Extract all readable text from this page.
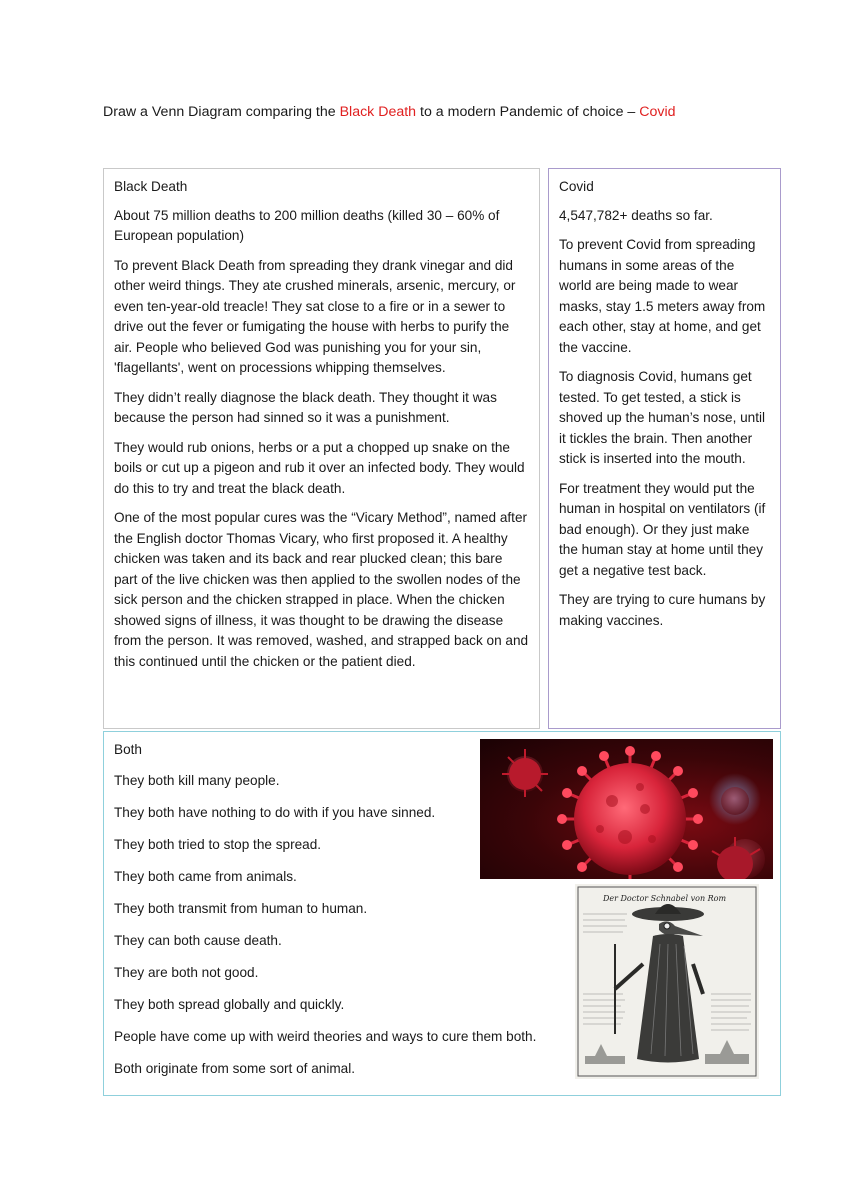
Draw a Venn Diagram comparing the Black Death to a modern Pandemic of choice – Covid

Black Death

About 75 million deaths to 200 million deaths (killed 30 – 60% of European population)

To prevent Black Death from spreading they drank vinegar and did other weird things. They ate crushed minerals, arsenic, mercury, or even ten-year-old treacle! They sat close to a fire or in a sewer to drive out the fever or fumigating the house with herbs to purify the air. People who believed God was punishing you for your sin, 'flagellants', went on processions whipping themselves.

They didn’t really diagnose the black death. They thought it was because the person had sinned so it was a punishment.

They would rub onions, herbs or a put a chopped up snake on the boils or cut up a pigeon and rub it over an infected body. They would do this to try and treat the black death.

One of the most popular cures was the “Vicary Method”, named after the English doctor Thomas Vicary, who first proposed it. A healthy chicken was taken and its back and rear plucked clean; this bare part of the live chicken was then applied to the swollen nodes of the sick person and the chicken strapped in place. When the chicken showed signs of illness, it was thought to be drawing the disease from the person. It was removed, washed, and strapped back on and this continued until the chicken or the patient died.

Covid

4,547,782+ deaths so far.

To prevent Covid from spreading humans in some areas of the world are being made to wear masks, stay 1.5 meters away from each other, stay at home, and get the vaccine.

To diagnosis Covid, humans get tested. To get tested, a stick is shoved up the human’s nose, until it tickles the brain. Then another stick is inserted into the mouth.

For treatment they would put the human in hospital on ventilators (if bad enough). Or they just make the human stay at home until they get a negative test back.

They are trying to cure humans by making vaccines.

Both

They both kill many people.

They both have nothing to do with if you have sinned.

They both tried to stop the spread.

They both came from animals.

They both transmit from human to human.

They can both cause death.

They are both not good.

They both spread globally and quickly.

People have come up with weird theories and ways to cure them both.

Both originate from some sort of animal.

Der Doctor Schnabel von Rom
